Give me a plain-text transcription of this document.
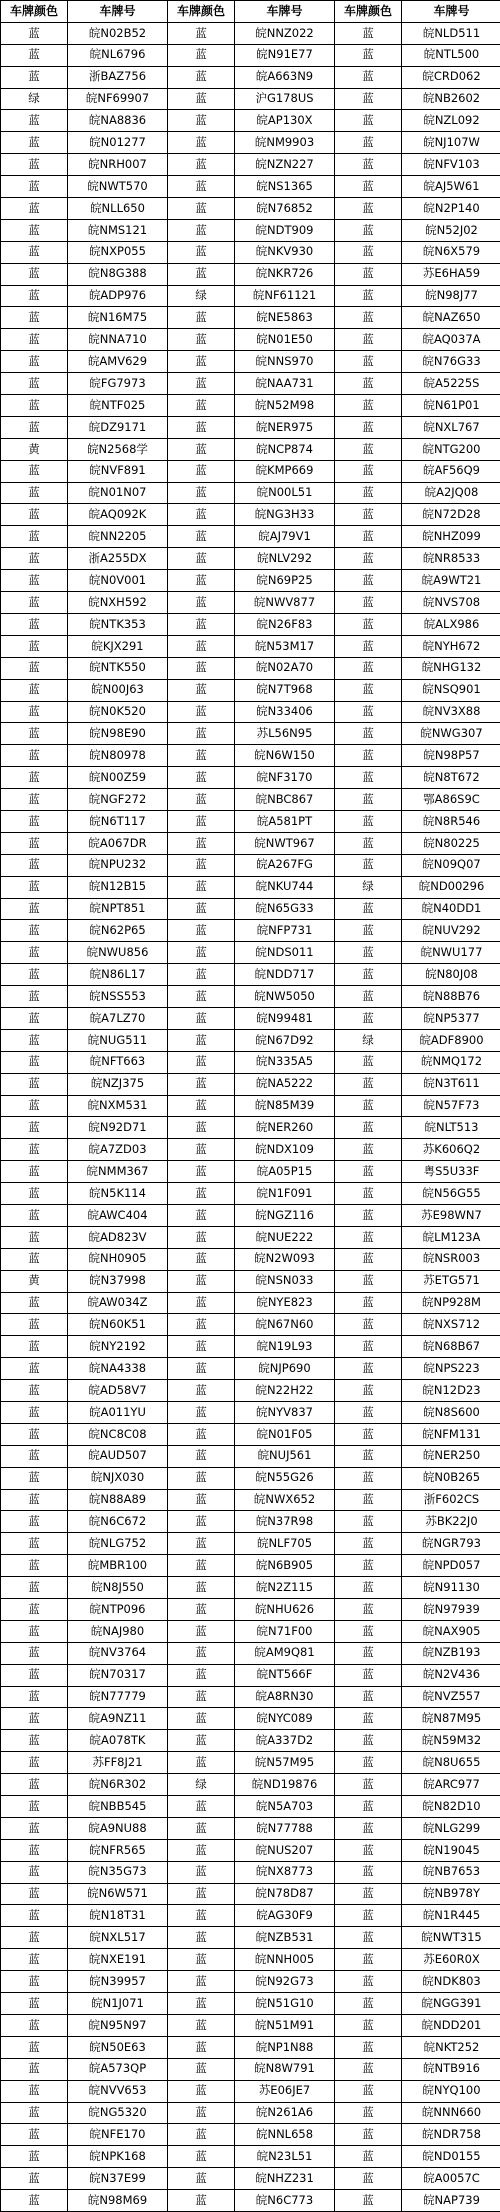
车牌颜色	车牌号	车牌颜色	车牌号	车牌颜色	车牌号
蓝	皖N02B52	蓝	皖NNZ022	蓝	皖NLD511
蓝	皖NL6796	蓝	皖N91E77	蓝	皖NTL500
蓝	浙BAZ756	蓝	皖A663N9	蓝	皖CRD062
绿	皖NF69907	蓝	沪G178US	蓝	皖NB2602
蓝	皖NA8836	蓝	皖AP130X	蓝	皖NZL092
蓝	皖N01277	蓝	皖NM9903	蓝	皖NJ107W
蓝	皖NRH007	蓝	皖NZN227	蓝	皖NFV103
蓝	皖NWT570	蓝	皖NS1365	蓝	皖AJ5W61
蓝	皖NLL650	蓝	皖N76852	蓝	皖N2P140
蓝	皖NMS121	蓝	皖NDT909	蓝	皖N52J02
蓝	皖NXP055	蓝	皖NKV930	蓝	皖N6X579
蓝	皖N8G388	蓝	皖NKR726	蓝	苏E6HA59
蓝	皖ADP976	绿	皖NF61121	蓝	皖N98J77
蓝	皖N16M75	蓝	皖NE5863	蓝	皖NAZ650
蓝	皖NNA710	蓝	皖N01E50	蓝	皖AQ037A
蓝	皖AMV629	蓝	皖NNS970	蓝	皖N76G33
蓝	皖FG7973	蓝	皖NAA731	蓝	皖A5225S
蓝	皖NTF025	蓝	皖N52M98	蓝	皖N61P01
蓝	皖DZ9171	蓝	皖NER975	蓝	皖NXL767
黄	皖N2568学	蓝	皖NCP874	蓝	皖NTG200
蓝	皖NVF891	蓝	皖KMP669	蓝	皖AF56Q9
蓝	皖N01N07	蓝	皖N00L51	蓝	皖A2JQ08
蓝	皖AQ092K	蓝	皖NG3H33	蓝	皖N72D28
蓝	皖NN2205	蓝	皖AJ79V1	蓝	皖NHZ099
蓝	浙A255DX	蓝	皖NLV292	蓝	皖NR8533
蓝	皖N0V001	蓝	皖N69P25	蓝	皖A9WT21
蓝	皖NXH592	蓝	皖NWV877	蓝	皖NVS708
蓝	皖NTK353	蓝	皖N26F83	蓝	皖ALX986
蓝	皖KJX291	蓝	皖N53M17	蓝	皖NYH672
蓝	皖NTK550	蓝	皖N02A70	蓝	皖NHG132
蓝	皖N00J63	蓝	皖N7T968	蓝	皖NSQ901
蓝	皖N0K520	蓝	皖N33406	蓝	皖NV3X88
蓝	皖N98E90	蓝	苏L56N95	蓝	皖NWG307
蓝	皖N80978	蓝	皖N6W150	蓝	皖N98P57
蓝	皖N00Z59	蓝	皖NF3170	蓝	皖N8T672
蓝	皖NGF272	蓝	皖NBC867	蓝	鄂A86S9C
蓝	皖N6T117	蓝	皖A581PT	蓝	皖N8R546
蓝	皖A067DR	蓝	皖NWT967	蓝	皖N80225
蓝	皖NPU232	蓝	皖A267FG	蓝	皖N09Q07
蓝	皖N12B15	蓝	皖NKU744	绿	皖ND00296
蓝	皖NPT851	蓝	皖N65G33	蓝	皖N40DD1
蓝	皖N62P65	蓝	皖NFP731	蓝	皖NUV292
蓝	皖NWU856	蓝	皖NDS011	蓝	皖NWU177
蓝	皖N86L17	蓝	皖NDD717	蓝	皖N80J08
蓝	皖NSS553	蓝	皖NW5050	蓝	皖N88B76
蓝	皖A7LZ70	蓝	皖N99481	蓝	皖NP5377
蓝	皖NUG511	蓝	皖N67D92	绿	皖ADF8900
蓝	皖NFT663	蓝	皖N335A5	蓝	皖NMQ172
蓝	皖NZJ375	蓝	皖NA5222	蓝	皖N3T611
蓝	皖NXM531	蓝	皖N85M39	蓝	皖N57F73
蓝	皖N92D71	蓝	皖NER260	蓝	皖NLT513
蓝	皖A7ZD03	蓝	皖NDX109	蓝	苏K606Q2
蓝	皖NMM367	蓝	皖A05P15	蓝	粤S5U33F
蓝	皖N5K114	蓝	皖N1F091	蓝	皖N56G55
蓝	皖AWC404	蓝	皖NGZ116	蓝	苏E98WN7
蓝	皖AD823V	蓝	皖NUE222	蓝	皖LM123A
蓝	皖NH0905	蓝	皖N2W093	蓝	皖NSR003
黄	皖N37998	蓝	皖NSN033	蓝	苏ETG571
蓝	皖AW034Z	蓝	皖NYE823	蓝	皖NP928M
蓝	皖N60K51	蓝	皖N67N60	蓝	皖NXS712
蓝	皖NY2192	蓝	皖N19L93	蓝	皖N68B67
蓝	皖NA4338	蓝	皖NJP690	蓝	皖NPS223
蓝	皖AD58V7	蓝	皖N22H22	蓝	皖N12D23
蓝	皖A011YU	蓝	皖NYV837	蓝	皖N8S600
蓝	皖NC8C08	蓝	皖N01F05	蓝	皖NFM131
蓝	皖AUD507	蓝	皖NUJ561	蓝	皖NER250
蓝	皖NJX030	蓝	皖N55G26	蓝	皖N0B265
蓝	皖N88A89	蓝	皖NWX652	蓝	浙F602CS
蓝	皖N6C672	蓝	皖N37R98	蓝	苏BK22J0
蓝	皖NLG752	蓝	皖NLF705	蓝	皖NGR793
蓝	皖MBR100	蓝	皖N6B905	蓝	皖NPD057
蓝	皖N8J550	蓝	皖N2Z115	蓝	皖N91130
蓝	皖NTP096	蓝	皖NHU626	蓝	皖N97939
蓝	皖NAJ980	蓝	皖N71F00	蓝	皖NAX905
蓝	皖NV3764	蓝	皖AM9Q81	蓝	皖NZB193
蓝	皖N70317	蓝	皖NT566F	蓝	皖N2V436
蓝	皖N77779	蓝	皖A8RN30	蓝	皖NVZ557
蓝	皖A9NZ11	蓝	皖NYC089	蓝	皖N87M95
蓝	皖A078TK	蓝	皖A337D2	蓝	皖N59M32
蓝	苏FF8J21	蓝	皖N57M95	蓝	皖N8U655
蓝	皖N6R302	绿	皖ND19876	蓝	皖ARC977
蓝	皖NBB545	蓝	皖N5A703	蓝	皖N82D10
蓝	皖A9NU88	蓝	皖N77788	蓝	皖NLG299
蓝	皖NFR565	蓝	皖NUS207	蓝	皖N19045
蓝	皖N35G73	蓝	皖NX8773	蓝	皖NB7653
蓝	皖N6W571	蓝	皖N78D87	蓝	皖NB978Y
蓝	皖N18T31	蓝	皖AG30F9	蓝	皖N1R445
蓝	皖NXL517	蓝	皖NZB531	蓝	皖NWT315
蓝	皖NXE191	蓝	皖NNH005	蓝	苏E60R0X
蓝	皖N39957	蓝	皖N92G73	蓝	皖NDK803
蓝	皖N1J071	蓝	皖N51G10	蓝	皖NGG391
蓝	皖N95N97	蓝	皖N51M91	蓝	皖NDD201
蓝	皖N50E63	蓝	皖NP1N88	蓝	皖NKT252
蓝	皖A573QP	蓝	皖N8W791	蓝	皖NTB916
蓝	皖NVV653	蓝	苏E06JE7	蓝	皖NYQ100
蓝	皖NG5320	蓝	皖N261A6	蓝	皖NNN660
蓝	皖NFE170	蓝	皖NNL658	蓝	皖NDR758
蓝	皖NPK168	蓝	皖N23L51	蓝	皖ND0155
蓝	皖N37E99	蓝	皖NHZ231	蓝	皖A0057C
蓝	皖N98M69	蓝	皖N6C773	蓝	皖NAP739
